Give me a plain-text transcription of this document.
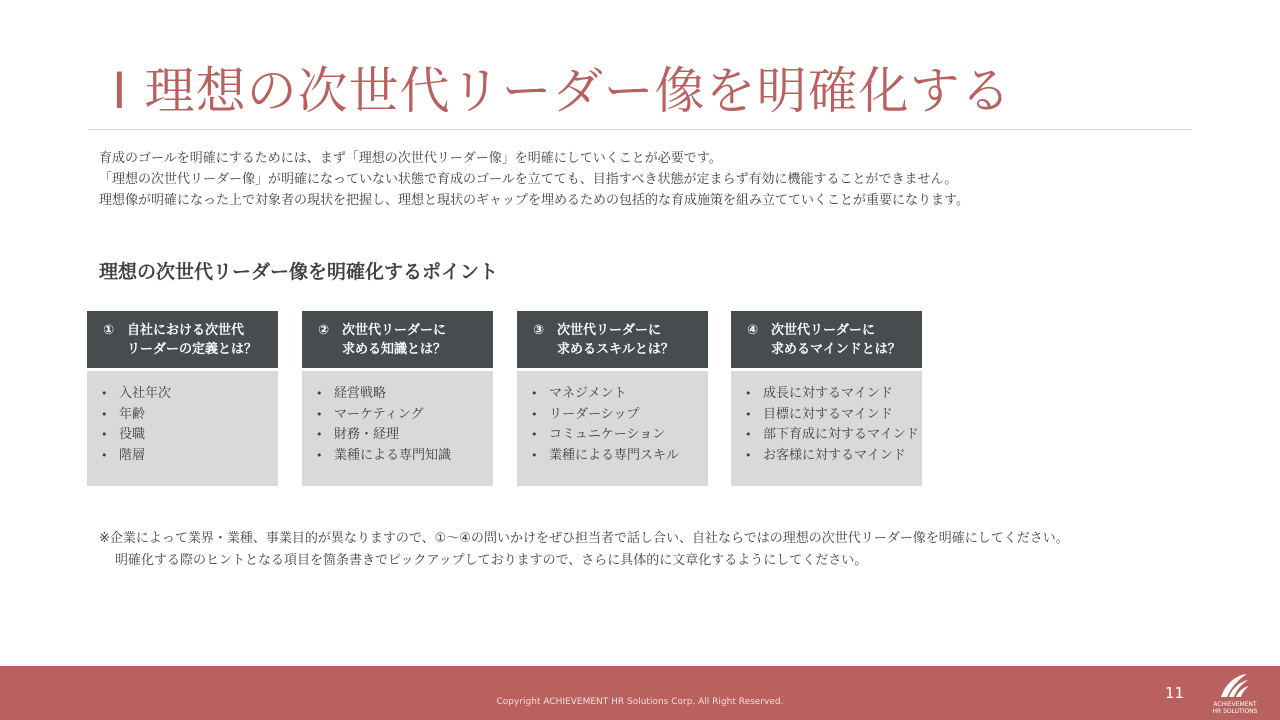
Ⅰ 理想の次世代リーダー像を明確化する
育成のゴールを明確にするためには、まず「理想の次世代リーダー像」を明確にしていくことが必要です。
「理想の次世代リーダー像」が明確になっていない状態で育成のゴールを立てても、目指すべき状態が定まらず有効に機能することができません。
理想像が明確になった上で対象者の現状を把握し、理想と現状のギャップを埋めるための包括的な育成施策を組み立てていくことが重要になります。
理想の次世代リーダー像を明確化するポイント
① 自社における次世代
リーダーの定義とは？
• 入社年次
• 年齢
• 役職
• 階層
② 次世代リーダーに
求める知識とは？
• 経営戦略
• マーケティング
• 財務・経理
• 業種による専門知識
③ 次世代リーダーに
求めるスキルとは？
• マネジメント
• リーダーシップ
• コミュニケーション
• 業種による専門スキル
④ 次世代リーダーに
求めるマインドとは？
• 成長に対するマインド
• 目標に対するマインド
• 部下育成に対するマインド
• お客様に対するマインド
※企業によって業界・業種、事業目的が異なりますので、①～④の問いかけをぜひ担当者で話し合い、自社ならではの理想の次世代リーダー像を明確にしてください。
明確化する際のヒントとなる項目を箇条書きでピックアップしておりますので、さらに具体的に文章化するようにしてください。
Copyright ACHIEVEMENT HR Solutions Corp. All Right Reserved.	11
ACHIEVEMENT
HR SOLUTIONS
